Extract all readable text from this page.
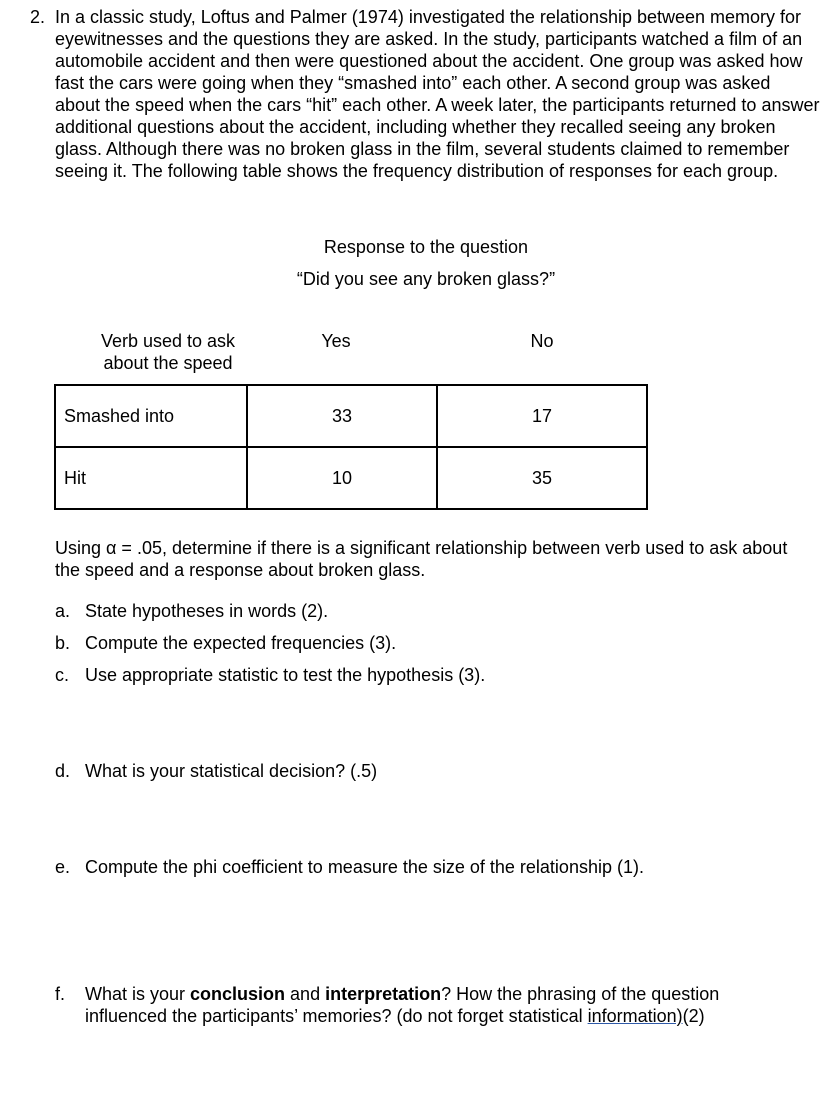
2. In a classic study, Loftus and Palmer (1974) investigated the relationship between memory for eyewitnesses and the questions they are asked. In the study, participants watched a film of an automobile accident and then were questioned about the accident. One group was asked how fast the cars were going when they “smashed into” each other. A second group was asked about the speed when the cars “hit” each other. A week later, the participants returned to answer additional questions about the accident, including whether they recalled seeing any broken glass. Although there was no broken glass in the film, several students claimed to remember seeing it. The following table shows the frequency distribution of responses for each group.
Response to the question
“Did you see any broken glass?”
Verb used to ask
about the speed
Yes	No
Smashed into	33	17
Hit	10	35
Using α = .05, determine if there is a significant relationship between verb used to ask about the speed and a response about broken glass.
a. State hypotheses in words (2).
b. Compute the expected frequencies (3).
c. Use appropriate statistic to test the hypothesis (3).
d. What is your statistical decision? (.5)
e. Compute the phi coefficient to measure the size of the relationship (1).
f. What is your conclusion and interpretation? How the phrasing of the question influenced the participants’ memories? (do not forget statistical information)(2)
